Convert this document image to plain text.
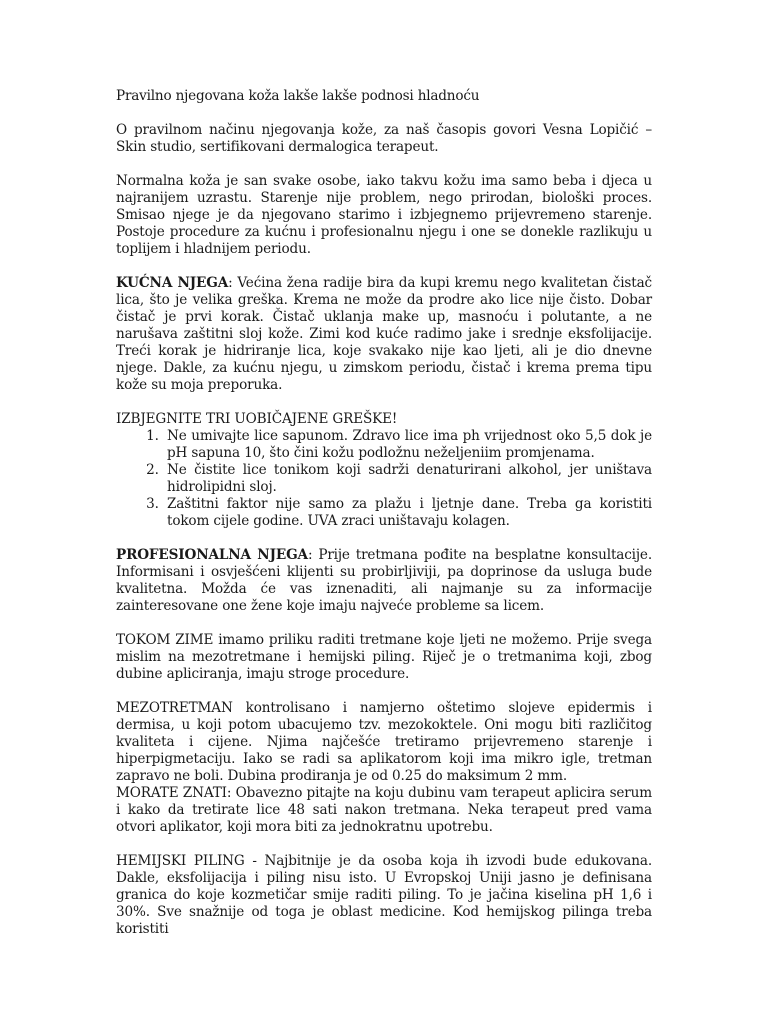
Pravilno njegovana koža lakše lakše podnosi hladnoću

O pravilnom načinu njegovanja kože, za naš časopis govori Vesna Lopičić – Skin studio, sertifikovani dermalogica terapeut.

Normalna koža je san svake osobe, iako takvu kožu ima samo beba i djeca u najranijem uzrastu. Starenje nije problem, nego prirodan, biološki proces. Smisao njege je da njegovano starimo i izbjegnemo prijevremeno starenje. Postoje procedure za kućnu i profesionalnu njegu i one se donekle razlikuju u toplijem i hladnijem periodu.

KUĆNA NJEGA: Većina žena radije bira da kupi kremu nego kvalitetan čistač lica, što je velika greška. Krema ne može da prodre ako lice nije čisto. Dobar čistač je prvi korak. Čistač uklanja make up, masnoću i polutante, a ne narušava zaštitni sloj kože. Zimi kod kuće radimo jake i srednje eksfolijacije. Treći korak je hidriranje lica, koje svakako nije kao ljeti, ali je dio dnevne njege. Dakle, za kućnu njegu, u zimskom periodu, čistač i krema prema tipu kože su moja preporuka.

IZBJEGNITE TRI UOBIČAJENE GREŠKE!

1. Ne umivajte lice sapunom. Zdravo lice ima ph vrijednost oko 5,5 dok je pH sapuna 10, što čini kožu podložnu neželjeniim promjenama.
2. Ne čistite lice tonikom koji sadrži denaturirani alkohol, jer uništava hidrolipidni sloj.
3. Zaštitni faktor nije samo za plažu i ljetnje dane. Treba ga koristiti tokom cijele godine. UVA zraci uništavaju kolagen.

PROFESIONALNA NJEGA: Prije tretmana pođite na besplatne konsultacije. Informisani i osvješćeni klijenti su probirljiviji, pa doprinose da usluga bude kvalitetna. Možda će vas iznenaditi, ali najmanje su za informacije zainteresovane one žene koje imaju najveće probleme sa licem.

TOKOM ZIME imamo priliku raditi tretmane koje ljeti ne možemo. Prije svega mislim na mezotretmane i hemijski piling. Riječ je o tretmanima koji, zbog dubine apliciranja, imaju stroge procedure.

MEZOTRETMAN kontrolisano i namjerno oštetimo slojeve epidermis i dermisa, u koji potom ubacujemo tzv. mezokoktele. Oni mogu biti različitog kvaliteta i cijene. Njima najčešće tretiramo prijevremeno starenje i hiperpigmetaciju. Iako se radi sa aplikatorom koji ima mikro igle, tretman zapravo ne boli. Dubina prodiranja je od 0.25 do maksimum 2 mm.

MORATE ZNATI: Obavezno pitajte na koju dubinu vam terapeut aplicira serum i kako da tretirate lice 48 sati nakon tretmana. Neka terapeut pred vama otvori aplikator, koji mora biti za jednokratnu upotrebu.

HEMIJSKI PILING - Najbitnije je da osoba koja ih izvodi bude edukovana. Dakle, eksfolijacija i piling nisu isto. U Evropskoj Uniji jasno je definisana granica do koje kozmetičar smije raditi piling. To je jačina kiselina pH 1,6 i 30%. Sve snažnije od toga je oblast medicine. Kod hemijskog pilinga treba koristiti
